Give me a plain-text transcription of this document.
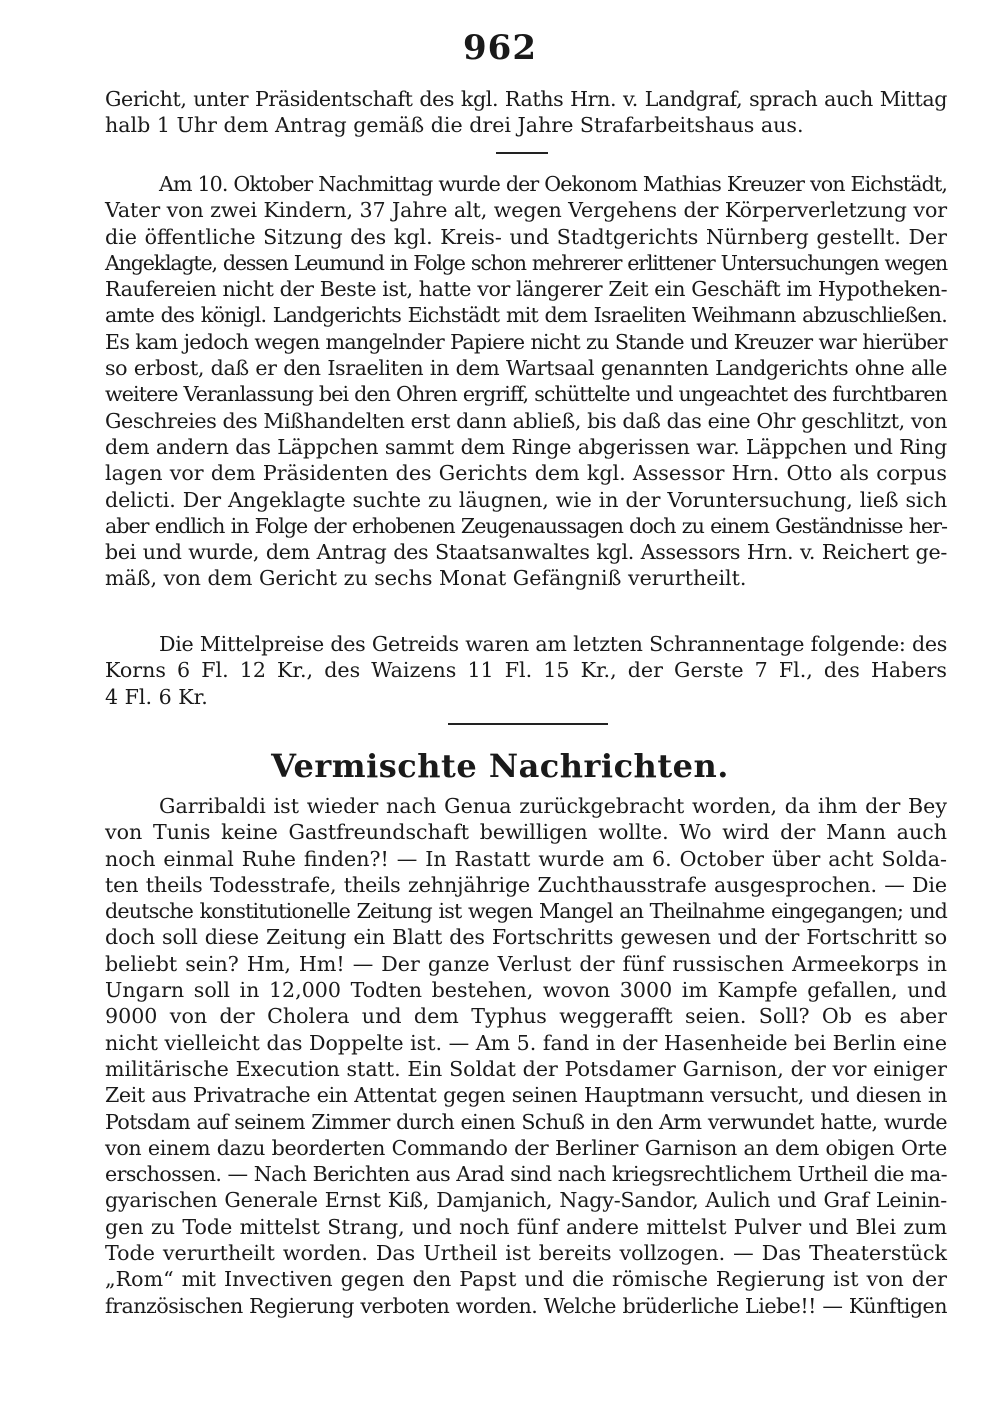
962
Gericht, unter Präsidentschaft des kgl. Raths Hrn. v. Landgraf, sprach auch Mittag
halb 1 Uhr dem Antrag gemäß die drei Jahre Strafarbeitshaus aus.
Am 10. Oktober Nachmittag wurde der Oekonom Mathias Kreuzer von Eichstädt,
Vater von zwei Kindern, 37 Jahre alt, wegen Vergehens der Körperverletzung vor
die öffentliche Sitzung des kgl. Kreis- und Stadtgerichts Nürnberg gestellt. Der
Angeklagte, dessen Leumund in Folge schon mehrerer erlittener Untersuchungen wegen
Raufereien nicht der Beste ist, hatte vor längerer Zeit ein Geschäft im Hypotheken-
amte des königl. Landgerichts Eichstädt mit dem Israeliten Weihmann abzuschließen.
Es kam jedoch wegen mangelnder Papiere nicht zu Stande und Kreuzer war hierüber
so erbost, daß er den Israeliten in dem Wartsaal genannten Landgerichts ohne alle
weitere Veranlassung bei den Ohren ergriff, schüttelte und ungeachtet des furchtbaren
Geschreies des Mißhandelten erst dann abließ, bis daß das eine Ohr geschlitzt, von
dem andern das Läppchen sammt dem Ringe abgerissen war. Läppchen und Ring
lagen vor dem Präsidenten des Gerichts dem kgl. Assessor Hrn. Otto als corpus
delicti. Der Angeklagte suchte zu läugnen, wie in der Voruntersuchung, ließ sich
aber endlich in Folge der erhobenen Zeugenaussagen doch zu einem Geständnisse her-
bei und wurde, dem Antrag des Staatsanwaltes kgl. Assessors Hrn. v. Reichert ge-
mäß, von dem Gericht zu sechs Monat Gefängniß verurtheilt.
Die Mittelpreise des Getreids waren am letzten Schrannentage folgende: des
Korns 6 Fl. 12 Kr., des Waizens 11 Fl. 15 Kr., der Gerste 7 Fl., des Habers
4 Fl. 6 Kr.
Vermischte Nachrichten.
Garribaldi ist wieder nach Genua zurückgebracht worden, da ihm der Bey
von Tunis keine Gastfreundschaft bewilligen wollte. Wo wird der Mann auch
noch einmal Ruhe finden?! — In Rastatt wurde am 6. October über acht Solda-
ten theils Todesstrafe, theils zehnjährige Zuchthausstrafe ausgesprochen. — Die
deutsche konstitutionelle Zeitung ist wegen Mangel an Theilnahme eingegangen; und
doch soll diese Zeitung ein Blatt des Fortschritts gewesen und der Fortschritt so
beliebt sein? Hm, Hm! — Der ganze Verlust der fünf russischen Armeekorps in
Ungarn soll in 12,000 Todten bestehen, wovon 3000 im Kampfe gefallen, und
9000 von der Cholera und dem Typhus weggerafft seien. Soll? Ob es aber
nicht vielleicht das Doppelte ist. — Am 5. fand in der Hasenheide bei Berlin eine
militärische Execution statt. Ein Soldat der Potsdamer Garnison, der vor einiger
Zeit aus Privatrache ein Attentat gegen seinen Hauptmann versucht, und diesen in
Potsdam auf seinem Zimmer durch einen Schuß in den Arm verwundet hatte, wurde
von einem dazu beorderten Commando der Berliner Garnison an dem obigen Orte
erschossen. — Nach Berichten aus Arad sind nach kriegsrechtlichem Urtheil die ma-
gyarischen Generale Ernst Kiß, Damjanich, Nagy-Sandor, Aulich und Graf Leinin-
gen zu Tode mittelst Strang, und noch fünf andere mittelst Pulver und Blei zum
Tode verurtheilt worden. Das Urtheil ist bereits vollzogen. — Das Theaterstück
„Rom“ mit Invectiven gegen den Papst und die römische Regierung ist von der
französischen Regierung verboten worden. Welche brüderliche Liebe!! — Künftigen
